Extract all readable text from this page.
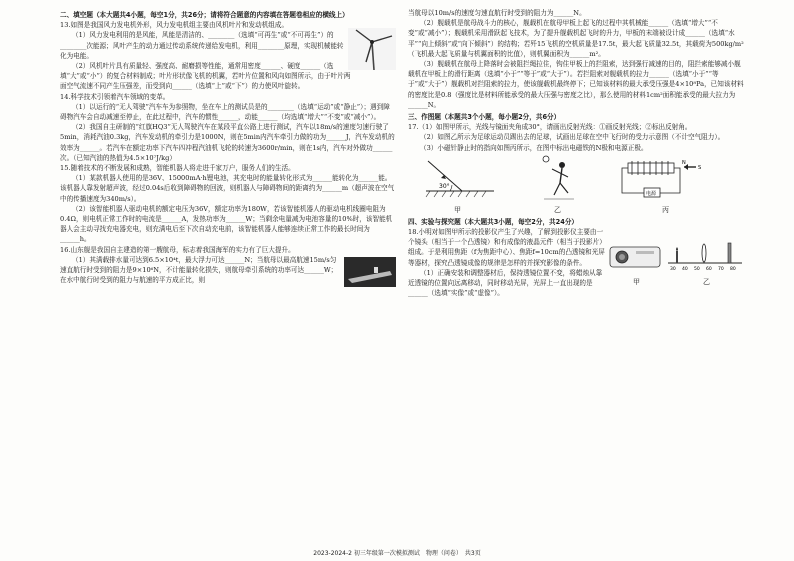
二、填空题（本大题共4小题，每空1分，共26分；请将符合题意的内容填在答题卷相应的横线上）

13.如图是我国风力发电机外形，风力发电机组主要由风机叶片和发动机组成。

（1）风力发电利用的是风能，风能是清洁的、________（选填“可再生”或“不可再生”）的________次能源；风叶产生的动力通过传动系统传递给发电机，利用________原理，实现机械能转化为电能。

（2）风机叶片具有质量轻、强度高、耐磨损等性能，通常用密度______、硬度______（选填“大”或“小”）的复合材料制成；叶片形状像飞机的机翼，若叶片位置和风向如图所示，由于叶片两面空气流速不同产生压强差，而受到向______（选填“上”或“下”）的力使风叶旋转。

14.科学技术引领着汽车领域的变革。

（1）以运行的“无人驾驶”汽车车为参照物，坐在车上的测试员是的________（选填“运动”或“静止”）；遇到障碍物汽车会自动减速至停止，在此过程中，汽车的惯性______，动能______（均选填“增大”“不变”或“减小”）。

（2）我国自主研制的“红旗HQ3”无人驾驶汽车在某段平直公路上进行测试，汽车以18m/s的速度匀速行驶了5min，消耗汽油0.3kg，汽车发动机的牵引力是1000N，则在5min内汽车牵引力做的功为______J，汽车发动机的效率为______。若汽车在额定功率下汽车四冲程汽油机飞轮的转速为3600r/min，则在1s内，汽车对外做功______次。（已知汽油的热值为4.5×10⁷J/kg）

15.随着技术的不断发展和成熟，智能机器人将走进千家万户，服务人们的生活。

（1）某款机器人使用的是36V、15000mA·h锂电池，其充电时的能量转化形式为______能转化为______能。该机器人靠发射超声波，经过0.04s后收到障碍物的回波，则机器人与障碍物间的距离约为______m（超声波在空气中的传播速度为340m/s）。

（2）该智能机器人驱动电机的额定电压为36V，额定功率为180W，若该智能机器人的驱动电机线圈电阻为0.4Ω，则电机正常工作时的电流是______A，发热功率为______W；当剩余电量减为电池容量的10%时，该智能机器人会主动寻找充电器充电，则充满电后至下次自动充电前，该智能机器人能够连续正常工作的最长时间为______h。

16.山东舰是我国自主建造的第一艘航母，标志着我国海军的实力有了巨大提升。

（1）其满载排水量可达到6.5×10⁴t，最大浮力可达______N；当航母以最高航速15m/s匀速直航行时受到的阻力是9×10⁶N，不计能量转化损失，则航母牵引系统的功率可达______W；在水中航行时受到的阻力与航速的平方成正比，则

当航母以10m/s的速度匀速直航行时受到的阻力为______N。

（2）舰载机是航母战斗力的核心，舰载机在航母甲板上起飞的过程中其机械能______（选填“增大”“不变”或“减小”）；舰载机采用滑跃起飞技术，为了提升舰载机起飞时的升力，甲板的末端被设计成______（选填“水平”“向上倾斜”或“向下倾斜”）的结构；若歼15飞机的空机质量是17.5t，最大起飞质量32.5t，其载荷为500kg/m²（飞机最大起飞质量与机翼面积的比值），则机翼面积为______m²。

（3）舰载机在航母上降落时会被阻拦绳拉住，钩住甲板上的拦阻索，达到强行减速的目的，阻拦索能够减小舰载机在甲板上的滑行距离（选填“小于”“等于”或“大于”）。若拦阻索对舰载机的拉力______（选填“小于”“等于”或“大于”）舰载机对拦阻索的拉力，使该舰载机最终停下；已知该材料的最大承受压强是4×10⁸Pa，已知该材料的密度比是0.8（强度比是材料所能承受的最大压强与密度之比），那么使用的材料1cm²面积能承受的最大拉力为______N。

三、作图题（本题共3个小题，每小题2分，共6分）

17.（1）如图甲所示，光线与镜面夹角成30°，请画出反射光线：①画反射光线；②标出反射角。

（2）如图乙所示为足球运动员踢出去的足球，试画出足球在空中飞行时的受力示意图（不计空气阻力）。

（3）小磁针静止时的指向如图丙所示，在图中标出电磁铁的N极和电源正极。

30°
电源
N
S
甲	乙	丙

四、实验与探究题（本大题共3小题，每空2分，共24分）

18.小明对如图甲所示的投影仪产生了兴趣，了解到投影仪主要由一个镜头（相当于一个凸透镜）和有成像的液晶元件（相当于投影片）组成。于是利用焦距（f为焦距中心）、焦距f=10cm的凸透镜和光屏等器材，探究凸透镜成像的规律是怎样的并探究影像的条件。

（1）正确安装和调整器材后，保持透镜位置不变，将蜡烛从靠近透镜的位置向远离移动，同时移动光屏，光屏上一直出现的是______（选填“实像”或“虚像”）。

30 40 50 60 70 80
甲	乙
2023-2024-2 初三年级第一次模拟测试　物理（问卷）　共3页
